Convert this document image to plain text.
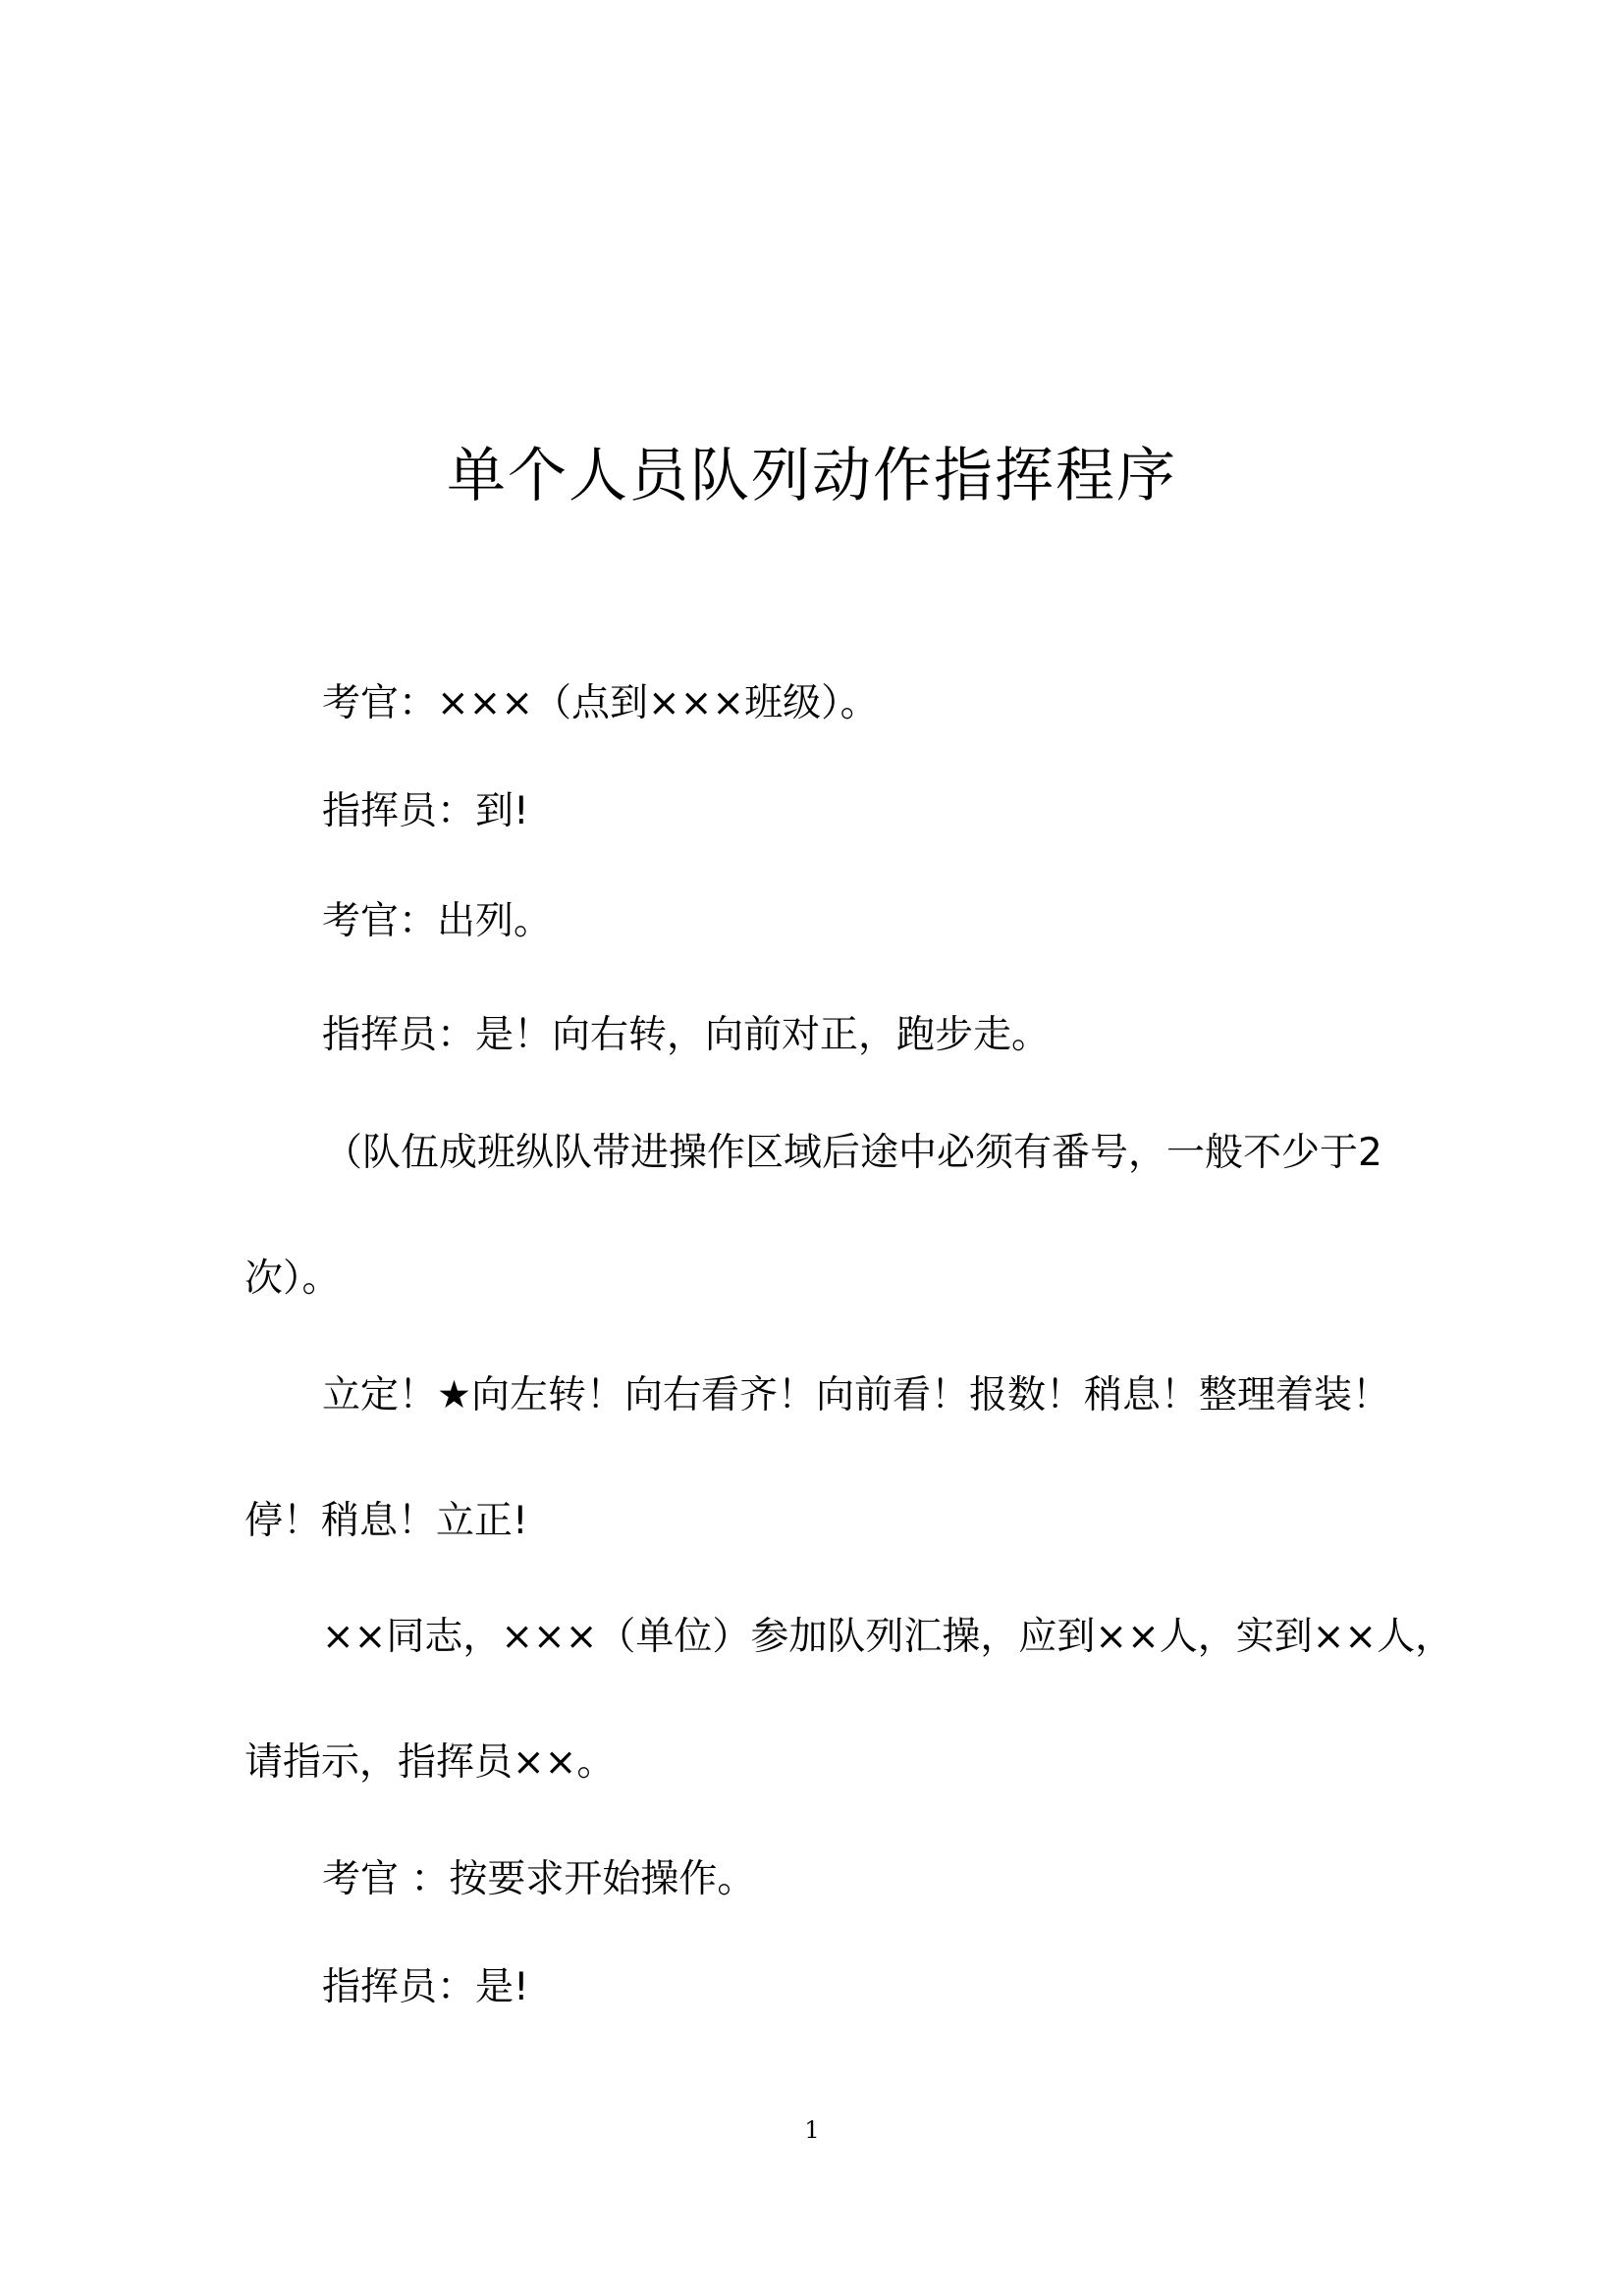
单个人员队列动作指挥程序
考官：×××（点到×××班级）。
指挥员：到!
考官：出列。
指挥员：是！向右转，向前对正，跑步走。
（队伍成班纵队带进操作区域后途中必须有番号，一般不少于2
次）。
立定！★向左转！向右看齐！向前看！报数！稍息！整理着装！
停！稍息！立正!
××同志，×××（单位）参加队列汇操，应到××人，实到××人，
请指示，指挥员××。
考官 ：按要求开始操作。
指挥员：是!
1
